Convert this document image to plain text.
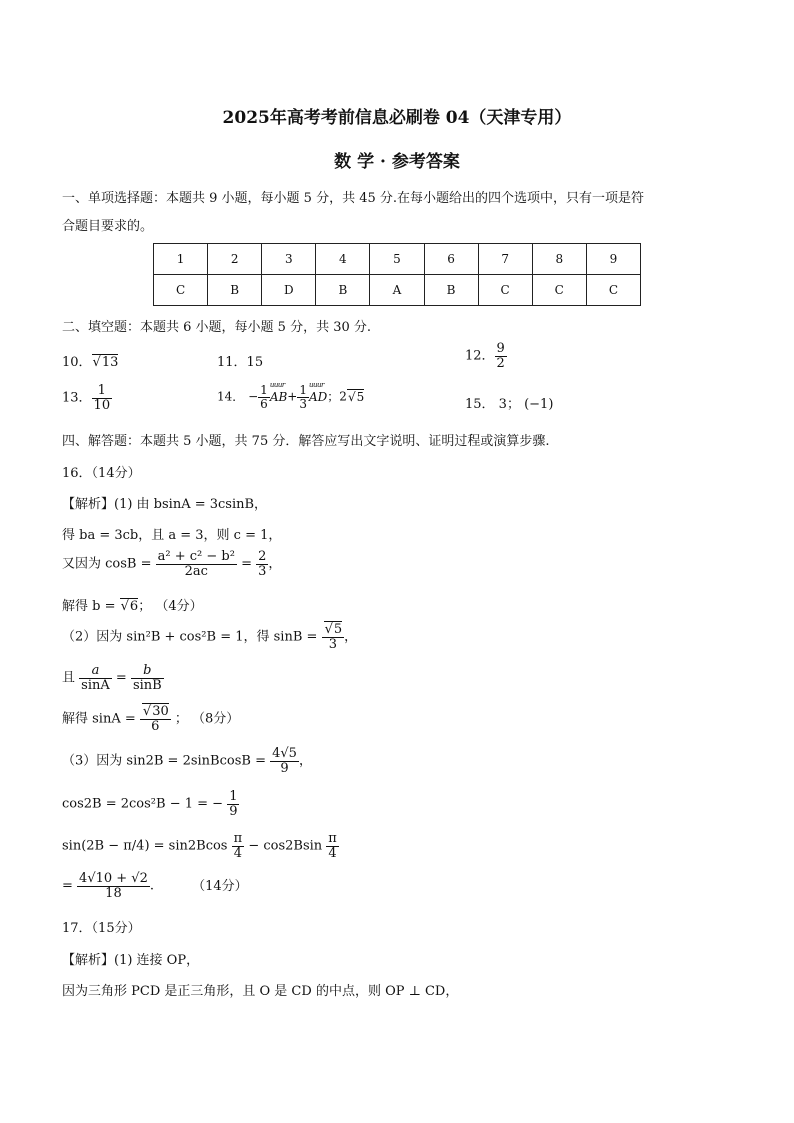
2025年高考考前信息必刷卷 04（天津专用）
数 学 · 参考答案
一、单项选择题：本题共 9 小题，每小题 5 分，共 45 分.在每小题给出的四个选项中，只有一项是符
合题目要求的。
1	2	3	4	5	6	7	8	9
C	B	D	B	A	B	C	C	C
二、填空题：本题共 6 小题，每小题 5 分，共 30 分.
10． √ 13	11．15	12． $\frac{9}{2}$
13． $\frac{1}{10}$	14． − $\frac{1}{6}$ uuur $AB+ \frac{1}{3}$ uuur AD；2 √ 5
15． 3； (−1)
四、解答题：本题共 5 小题，共 75 分．解答应写出文字说明、证明过程或演算步骤.
16．（14分）
【解析】(1) 由 bsinA = 3csinB，
得 ba = 3cb，且 a = 3，则 c = 1，
又因为 $\cos B = \frac{\text{a² + c² − b²}}{2ac} = \frac{2}{3}$ ，
解得 b = √ 6； （4分）
（2）因为 sin²B + cos²B = 1，得 sinB = √ $\frac{5}{3}$ ，
且 $\frac{a}{\sin A} = \frac{b}{\sin B}$
解得 sinA = √ $\frac{30}{6}$ ； （8分）
（3）因为 sin2B = 2sinBcosB = $\frac{4√5}{9}$ ，
cos2B = 2cos²B − 1 = − $\frac{1}{9}$
$\sin(2B - \pi/4) = \sin 2Bcos \frac{\pi}{4} - \cos 2Bsin \frac{\pi}{4}$
= $\frac{4√10 + √2}{18}$ .	（14分）
17．（15分）
【解析】(1) 连接 OP，
因为三角形 PCD 是正三角形，且 O 是 CD 的中点，则 OP ⊥ CD，
